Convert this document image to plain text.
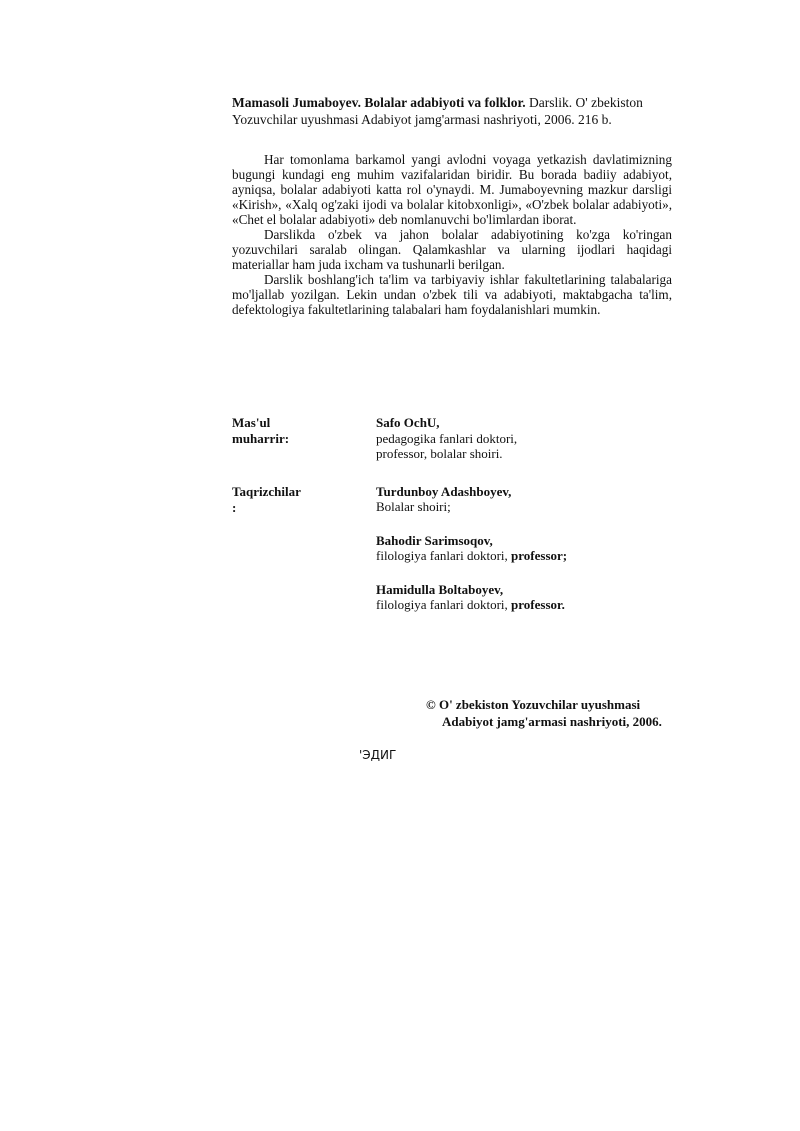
Mamasoli Jumaboyev. Bolalar adabiyoti va folklor. Darslik. O' zbekiston Yozuvchilar uyushmasi Adabiyot jamg'armasi nashriyoti, 2006. 216 b.

Har tomonlama barkamol yangi avlodni voyaga yetkazish davlatimizning bugungi kundagi eng muhim vazifalaridan biridir. Bu borada badiiy adabiyot, ayniqsa, bolalar adabiyoti katta rol o'ynaydi. M. Jumaboyevning mazkur darsligi «Kirish», «Xalq og'zaki ijodi va bolalar kitobxonligi», «O'zbek bolalar adabiyoti», «Chet el bolalar adabiyoti» deb nomlanuvchi bo'limlardan iborat.

Darslikda o'zbek va jahon bolalar adabiyotining ko'zga ko'ringan yozuvchilari saralab olingan. Qalamkashlar va ularning ijodlari haqidagi materiallar ham juda ixcham va tushunarli berilgan.

Darslik boshlang'ich ta'lim va tarbiyaviy ishlar fakultetlarining talabalariga mo'ljallab yozilgan. Lekin undan o'zbek tili va adabiyoti, maktabgacha ta'lim, defektologiya fakultetlarining talabalari ham foydalanishlari mumkin.

Mas'ul
muharrir:
Safo OchU,
pedagogika fanlari doktori,
professor, bolalar shoiri.
Taqrizchilar
:
Turdunboy Adashboyev,
Bolalar shoiri;
Bahodir Sarimsoqov,
filologiya fanlari doktori, professor;
Hamidulla Boltaboyev,
filologiya fanlari doktori, professor.
© O' zbekiston Yozuvchilar uyushmasi
Adabiyot jamg'armasi nashriyoti, 2006.
'ЭДИГ
